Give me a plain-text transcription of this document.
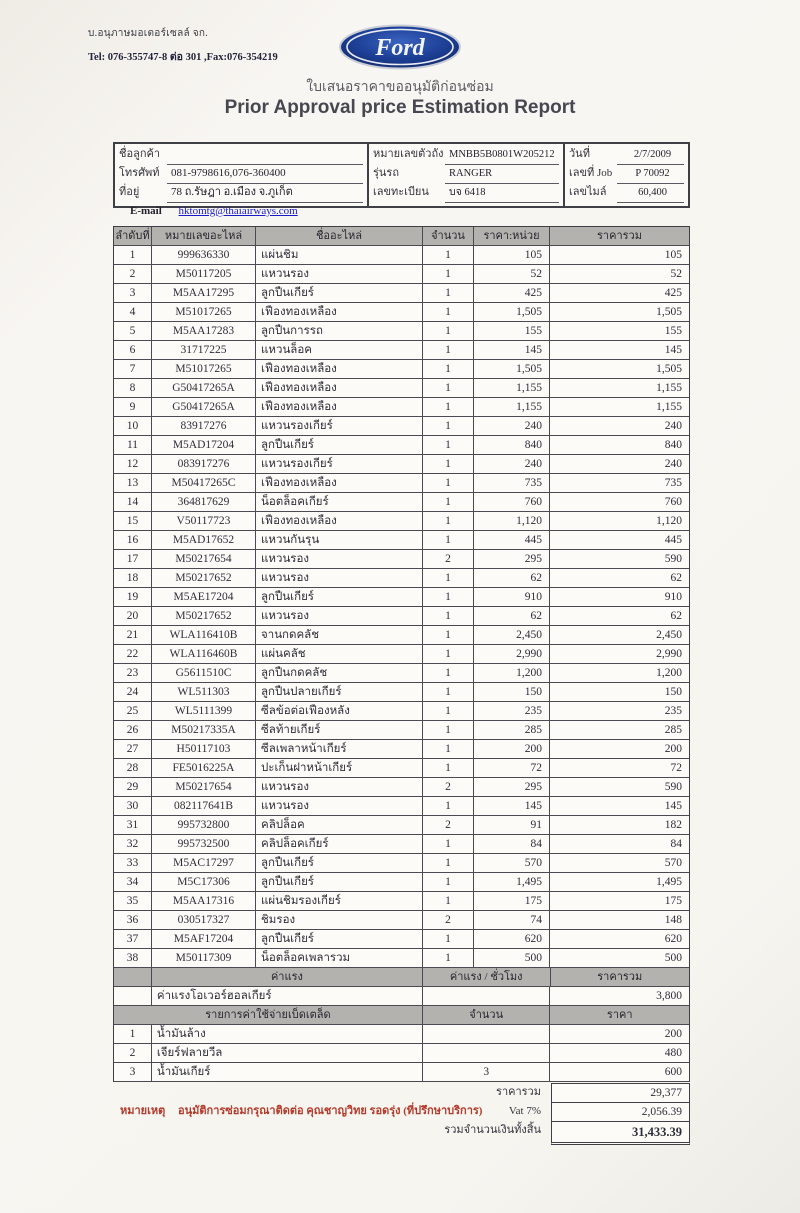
บ.อนุภาษมอเตอร์เซลล์ จก.
Tel: 076-355747-8 ต่อ 301 ,Fax:076-354219	Ford
ใบเสนอราคาขออนุมัติก่อนซ่อม
Prior Approval price Estimation Report
ชื่อลูกค้า
โทรศัพท์	081-9798616,076-360400
ที่อยู่	78 ถ.รัษฎา อ.เมือง จ.ภูเก็ต
หมายเลขตัวถัง MNBB5B0801W205212
รุ่นรถ	RANGER
เลขทะเบียน	บจ 6418
วันที่	2/7/2009
เลขที่ Job	P 70092
เลขไมล์	60,400
E-mail hktomtg@thaiairways.com
ลำดับที่	หมายเลขอะไหล่	ชื่ออะไหล่	จำนวน	ราคา:หน่วย	ราคารวม
1	999636330	แผ่นชิม	1	105	105
2	M50117205	แหวนรอง	1	52	52
3	M5AA17295	ลูกปืนเกียร์	1	425	425
4	M51017265	เฟืองทองเหลือง	1	1,505	1,505
5	M5AA17283	ลูกปืนการรถ	1	155	155
6	31717225	แหวนล็อค	1	145	145
7	M51017265	เฟืองทองเหลือง	1	1,505	1,505
8	G50417265A	เฟืองทองเหลือง	1	1,155	1,155
9	G50417265A	เฟืองทองเหลือง	1	1,155	1,155
10	83917276	แหวนรองเกียร์	1	240	240
11	M5AD17204	ลูกปืนเกียร์	1	840	840
12	083917276	แหวนรองเกียร์	1	240	240
13	M50417265C	เฟืองทองเหลือง	1	735	735
14	364817629	น็อตล็อคเกียร์	1	760	760
15	V50117723	เฟืองทองเหลือง	1	1,120	1,120
16	M5AD17652	แหวนกันรุน	1	445	445
17	M50217654	แหวนรอง	2	295	590
18	M50217652	แหวนรอง	1	62	62
19	M5AE17204	ลูกปืนเกียร์	1	910	910
20	M50217652	แหวนรอง	1	62	62
21	WLA116410B	จานกดคลัช	1	2,450	2,450
22	WLA116460B	แผ่นคลัช	1	2,990	2,990
23	G5611510C	ลูกปืนกดคลัช	1	1,200	1,200
24	WL511303	ลูกปืนปลายเกียร์	1	150	150
25	WL5111399	ซีลข้อต่อเฟืองหลัง	1	235	235
26	M50217335A	ซีลท้ายเกียร์	1	285	285
27	H50117103	ซีลเพลาหน้าเกียร์	1	200	200
28	FE5016225A	ปะเก็นฝาหน้าเกียร์	1	72	72
29	M50217654	แหวนรอง	2	295	590
30	082117641B	แหวนรอง	1	145	145
31	995732800	คลิปล็อค	2	91	182
32	995732500	คลิปล็อคเกียร์	1	84	84
33	M5AC17297	ลูกปืนเกียร์	1	570	570
34	M5C17306	ลูกปืนเกียร์	1	1,495	1,495
35	M5AA17316	แผ่นชิมรองเกียร์	1	175	175
36	030517327	ชิมรอง	2	74	148
37	M5AF17204	ลูกปืนเกียร์	1	620	620
38	M50117309	น็อตล็อคเพลารวม	1	500	500
ค่าแรง	ค่าแรง / ชั่วโมง	ราคารวม
ค่าแรงโอเวอร์ฮอลเกียร์	3,800
รายการค่าใช้จ่ายเบ็ดเตล็ด	จำนวน	ราคา
1	น้ำมันล้าง	200
2	เจียร์ฟลายวีล	480
3	น้ำมันเกียร์	3	600
ราคารวม	29,377
Vat 7%	2,056.39
รวมจำนวนเงินทั้งสิ้น	31,433.39
หมายเหตุ อนุมัติการซ่อมกรุณาติดต่อ คุณชาญวิทย รอดรุ่ง (ที่ปรึกษาบริการ)
